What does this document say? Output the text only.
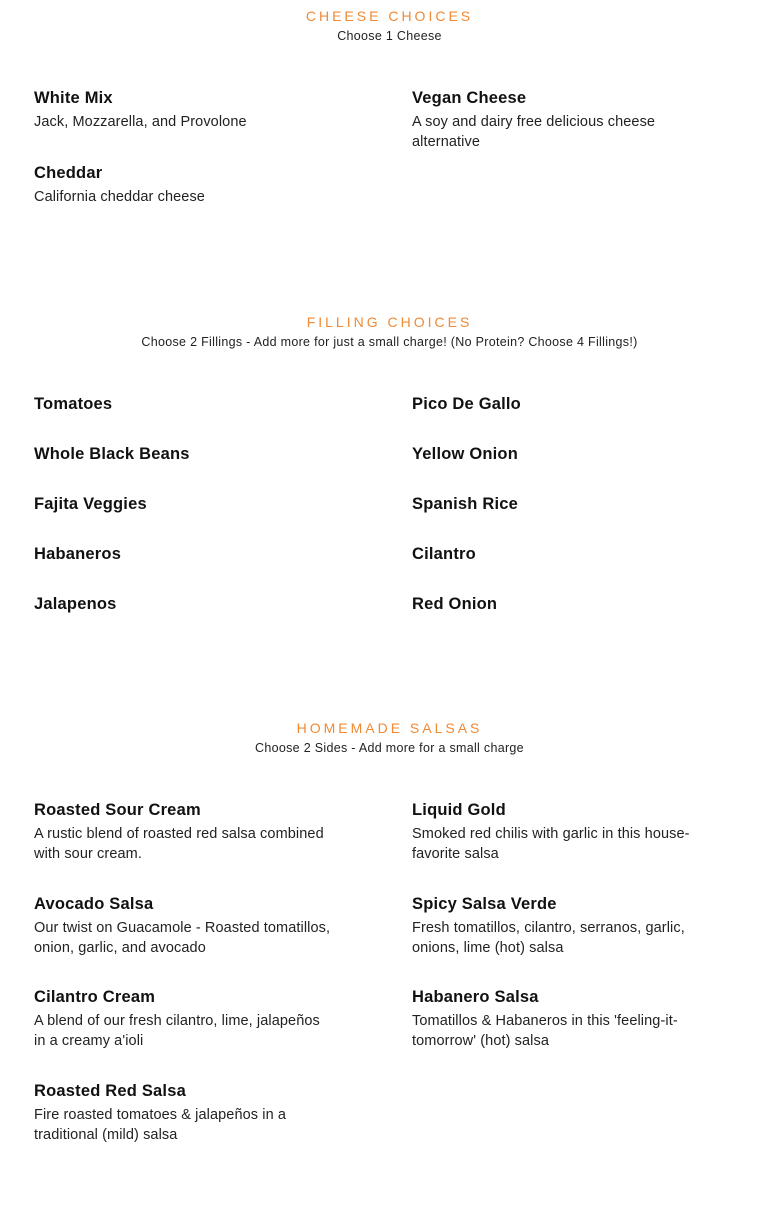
CHEESE CHOICES
Choose 1 Cheese
White Mix
Jack, Mozzarella, and Provolone
Vegan Cheese
A soy and dairy free delicious cheese alternative
Cheddar
California cheddar cheese
FILLING CHOICES
Choose 2 Fillings - Add more for just a small charge! (No Protein? Choose 4 Fillings!)
Tomatoes	Pico De Gallo
Whole Black Beans	Yellow Onion
Fajita Veggies	Spanish Rice
Habaneros	Cilantro
Jalapenos	Red Onion
HOMEMADE SALSAS
Choose 2 Sides - Add more for a small charge
Roasted Sour Cream
A rustic blend of roasted red salsa combined with sour cream.
Liquid Gold
Smoked red chilis with garlic in this house-favorite salsa
Avocado Salsa
Our twist on Guacamole - Roasted tomatillos, onion, garlic, and avocado
Spicy Salsa Verde
Fresh tomatillos, cilantro, serranos, garlic, onions, lime (hot) salsa
Cilantro Cream
A blend of our fresh cilantro, lime, jalapeños in a creamy a'ioli
Habanero Salsa
Tomatillos & Habaneros in this 'feeling-it-tomorrow' (hot) salsa
Roasted Red Salsa
Fire roasted tomatoes & jalapeños in a traditional (mild) salsa
